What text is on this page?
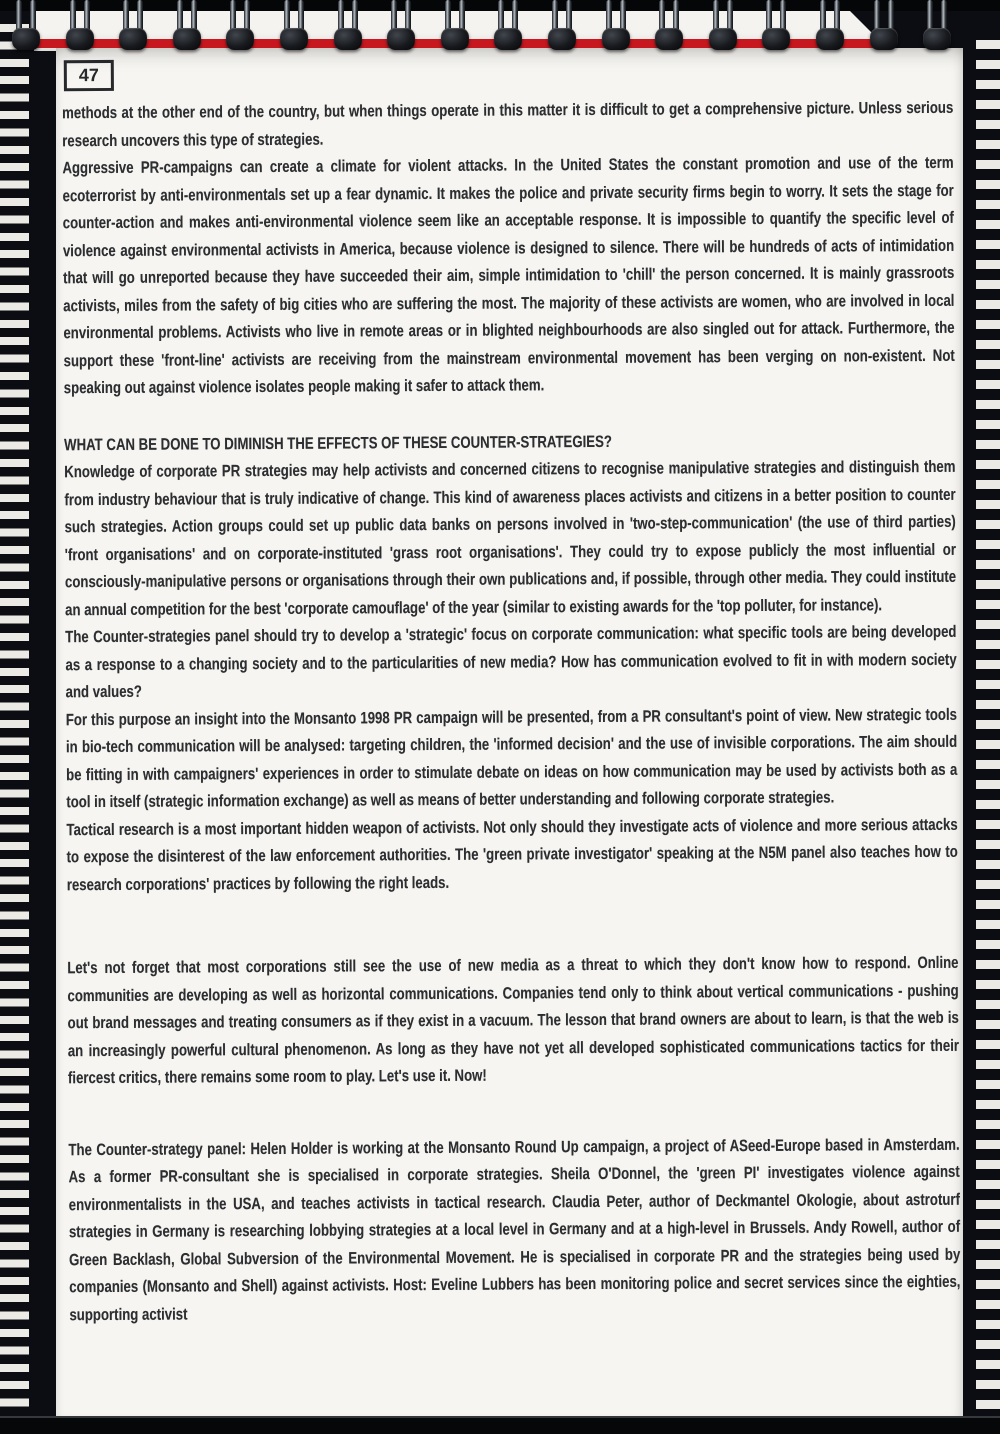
47

methods at the other end of the country, but when things operate in this matter it is difficult to get a comprehensive picture. Unless serious research uncovers this type of strategies.

Aggressive PR-campaigns can create a climate for violent attacks. In the United States the constant promotion and use of the term ecoterrorist by anti-environmentals set up a fear dynamic. It makes the police and private security firms begin to worry. It sets the stage for counter-action and makes anti-environmental violence seem like an acceptable response. It is impossible to quantify the specific level of violence against environmental activists in America, because violence is designed to silence. There will be hundreds of acts of intimidation that will go unreported because they have succeeded their aim, simple intimidation to 'chill' the person concerned. It is mainly grassroots activists, miles from the safety of big cities who are suffering the most. The majority of these activists are women, who are involved in local environmental problems. Activists who live in remote areas or in blighted neighbourhoods are also singled out for attack. Furthermore, the support these 'front-line' activists are receiving from the mainstream environmental movement has been verging on non-existent. Not speaking out against violence isolates people making it safer to attack them.

WHAT CAN BE DONE TO DIMINISH THE EFFECTS OF THESE COUNTER-STRATEGIES?

Knowledge of corporate PR strategies may help activists and concerned citizens to recognise manipulative strategies and distinguish them from industry behaviour that is truly indicative of change. This kind of awareness places activists and citizens in a better position to counter such strategies. Action groups could set up public data banks on persons involved in 'two-step-communication' (the use of third parties) 'front organisations' and on corporate-instituted 'grass root organisations'. They could try to expose publicly the most influential or consciously-manipulative persons or organisations through their own publications and, if possible, through other media. They could institute an annual competition for the best 'corporate camouflage' of the year (similar to existing awards for the 'top polluter, for instance).

The Counter-strategies panel should try to develop a 'strategic' focus on corporate communication: what specific tools are being developed as a response to a changing society and to the particularities of new media? How has communication evolved to fit in with modern society and values?

For this purpose an insight into the Monsanto 1998 PR campaign will be presented, from a PR consultant's point of view. New strategic tools in bio-tech communication will be analysed: targeting children, the 'informed decision' and the use of invisible corporations. The aim should be fitting in with campaigners' experiences in order to stimulate debate on ideas on how communication may be used by activists both as a tool in itself (strategic information exchange) as well as means of better understanding and following corporate strategies.

Tactical research is a most important hidden weapon of activists. Not only should they investigate acts of violence and more serious attacks to expose the disinterest of the law enforcement authorities. The 'green private investigator' speaking at the N5M panel also teaches how to research corporations' practices by following the right leads.

Let's not forget that most corporations still see the use of new media as a threat to which they don't know how to respond. Online communities are developing as well as horizontal communications. Companies tend only to think about vertical communications - pushing out brand messages and treating consumers as if they exist in a vacuum. The lesson that brand owners are about to learn, is that the web is an increasingly powerful cultural phenomenon. As long as they have not yet all developed sophisticated communications tactics for their fiercest critics, there remains some room to play. Let's use it. Now!

The Counter-strategy panel: Helen Holder is working at the Monsanto Round Up campaign, a project of ASeed-Europe based in Amsterdam. As a former PR-consultant she is specialised in corporate strategies. Sheila O'Donnel, the 'green PI' investigates violence against environmentalists in the USA, and teaches activists in tactical research. Claudia Peter, author of Deckmantel Okologie, about astroturf strategies in Germany is researching lobbying strategies at a local level in Germany and at a high-level in Brussels. Andy Rowell, author of Green Backlash, Global Subversion of the Environmental Movement. He is specialised in corporate PR and the strategies being used by companies (Monsanto and Shell) against activists. Host: Eveline Lubbers has been monitoring police and secret services since the eighties, supporting activist
